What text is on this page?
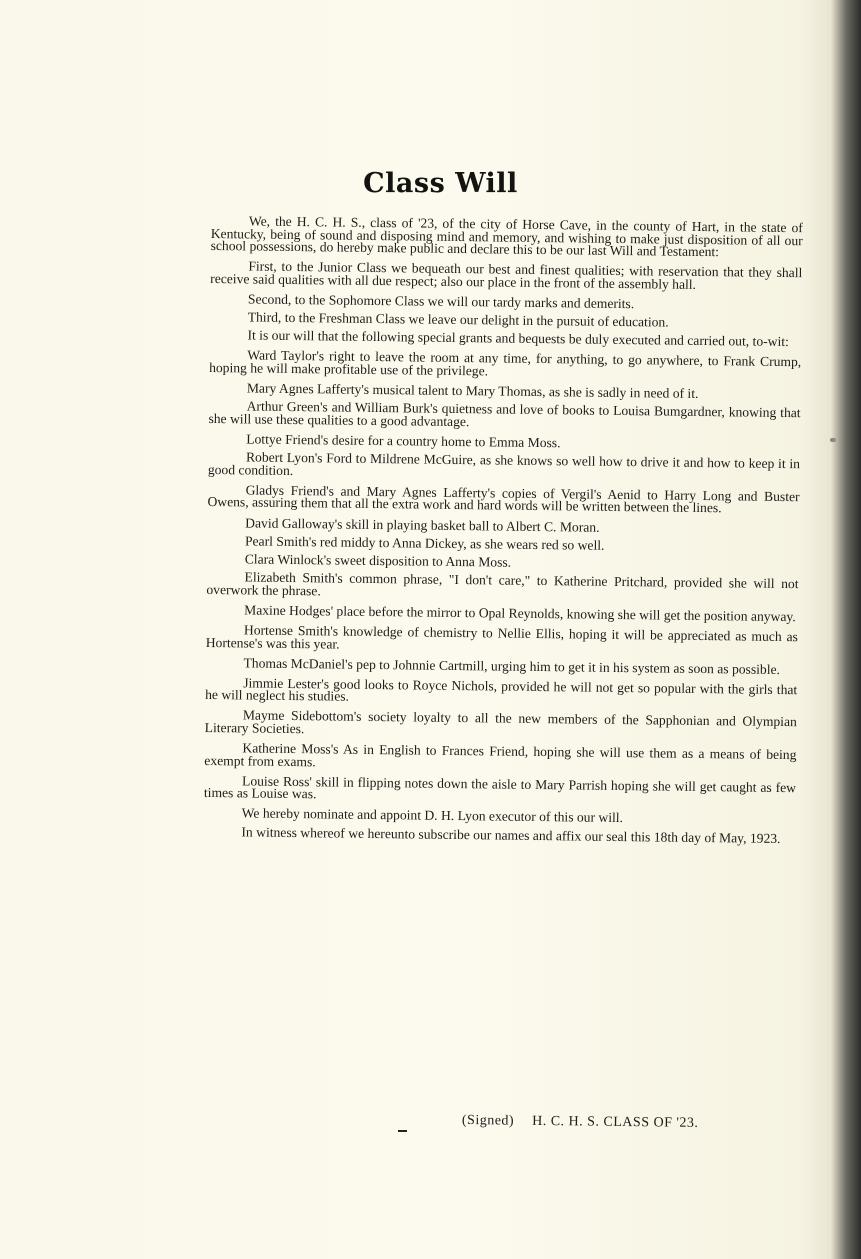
Class Will

We, the H. C. H. S., class of '23, of the city of Horse Cave, in the county of Hart, in the state of Kentucky, being of sound and disposing mind and memory, and wishing to make just disposition of all our school possessions, do hereby make public and declare this to be our last Will and Testament:

First, to the Junior Class we bequeath our best and finest qualities; with reservation that they shall receive said qualities with all due respect; also our place in the front of the assembly hall.

Second, to the Sophomore Class we will our tardy marks and demerits.

Third, to the Freshman Class we leave our delight in the pursuit of education.

It is our will that the following special grants and bequests be duly executed and carried out, to-wit:

Ward Taylor's right to leave the room at any time, for anything, to go anywhere, to Frank Crump, hoping he will make profitable use of the privilege.

Mary Agnes Lafferty's musical talent to Mary Thomas, as she is sadly in need of it.

Arthur Green's and William Burk's quietness and love of books to Louisa Bumgardner, knowing that she will use these qualities to a good advantage.

Lottye Friend's desire for a country home to Emma Moss.

Robert Lyon's Ford to Mildrene McGuire, as she knows so well how to drive it and how to keep it in good condition.

Gladys Friend's and Mary Agnes Lafferty's copies of Vergil's Aenid to Harry Long and Buster Owens, assuring them that all the extra work and hard words will be written between the lines.

David Galloway's skill in playing basket ball to Albert C. Moran.

Pearl Smith's red middy to Anna Dickey, as she wears red so well.

Clara Winlock's sweet disposition to Anna Moss.

Elizabeth Smith's common phrase, "I don't care," to Katherine Pritchard, provided she will not overwork the phrase.

Maxine Hodges' place before the mirror to Opal Reynolds, knowing she will get the position anyway.

Hortense Smith's knowledge of chemistry to Nellie Ellis, hoping it will be appreciated as much as Hortense's was this year.

Thomas McDaniel's pep to Johnnie Cartmill, urging him to get it in his system as soon as possible.

Jimmie Lester's good looks to Royce Nichols, provided he will not get so popular with the girls that he will neglect his studies.

Mayme Sidebottom's society loyalty to all the new members of the Sapphonian and Olympian Literary Societies.

Katherine Moss's As in English to Frances Friend, hoping she will use them as a means of being exempt from exams.

Louise Ross' skill in flipping notes down the aisle to Mary Parrish hoping she will get caught as few times as Louise was.

We hereby nominate and appoint D. H. Lyon executor of this our will.

In witness whereof we hereunto subscribe our names and affix our seal this 18th day of May, 1923.

(Signed) H. C. H. S. CLASS OF '23.
